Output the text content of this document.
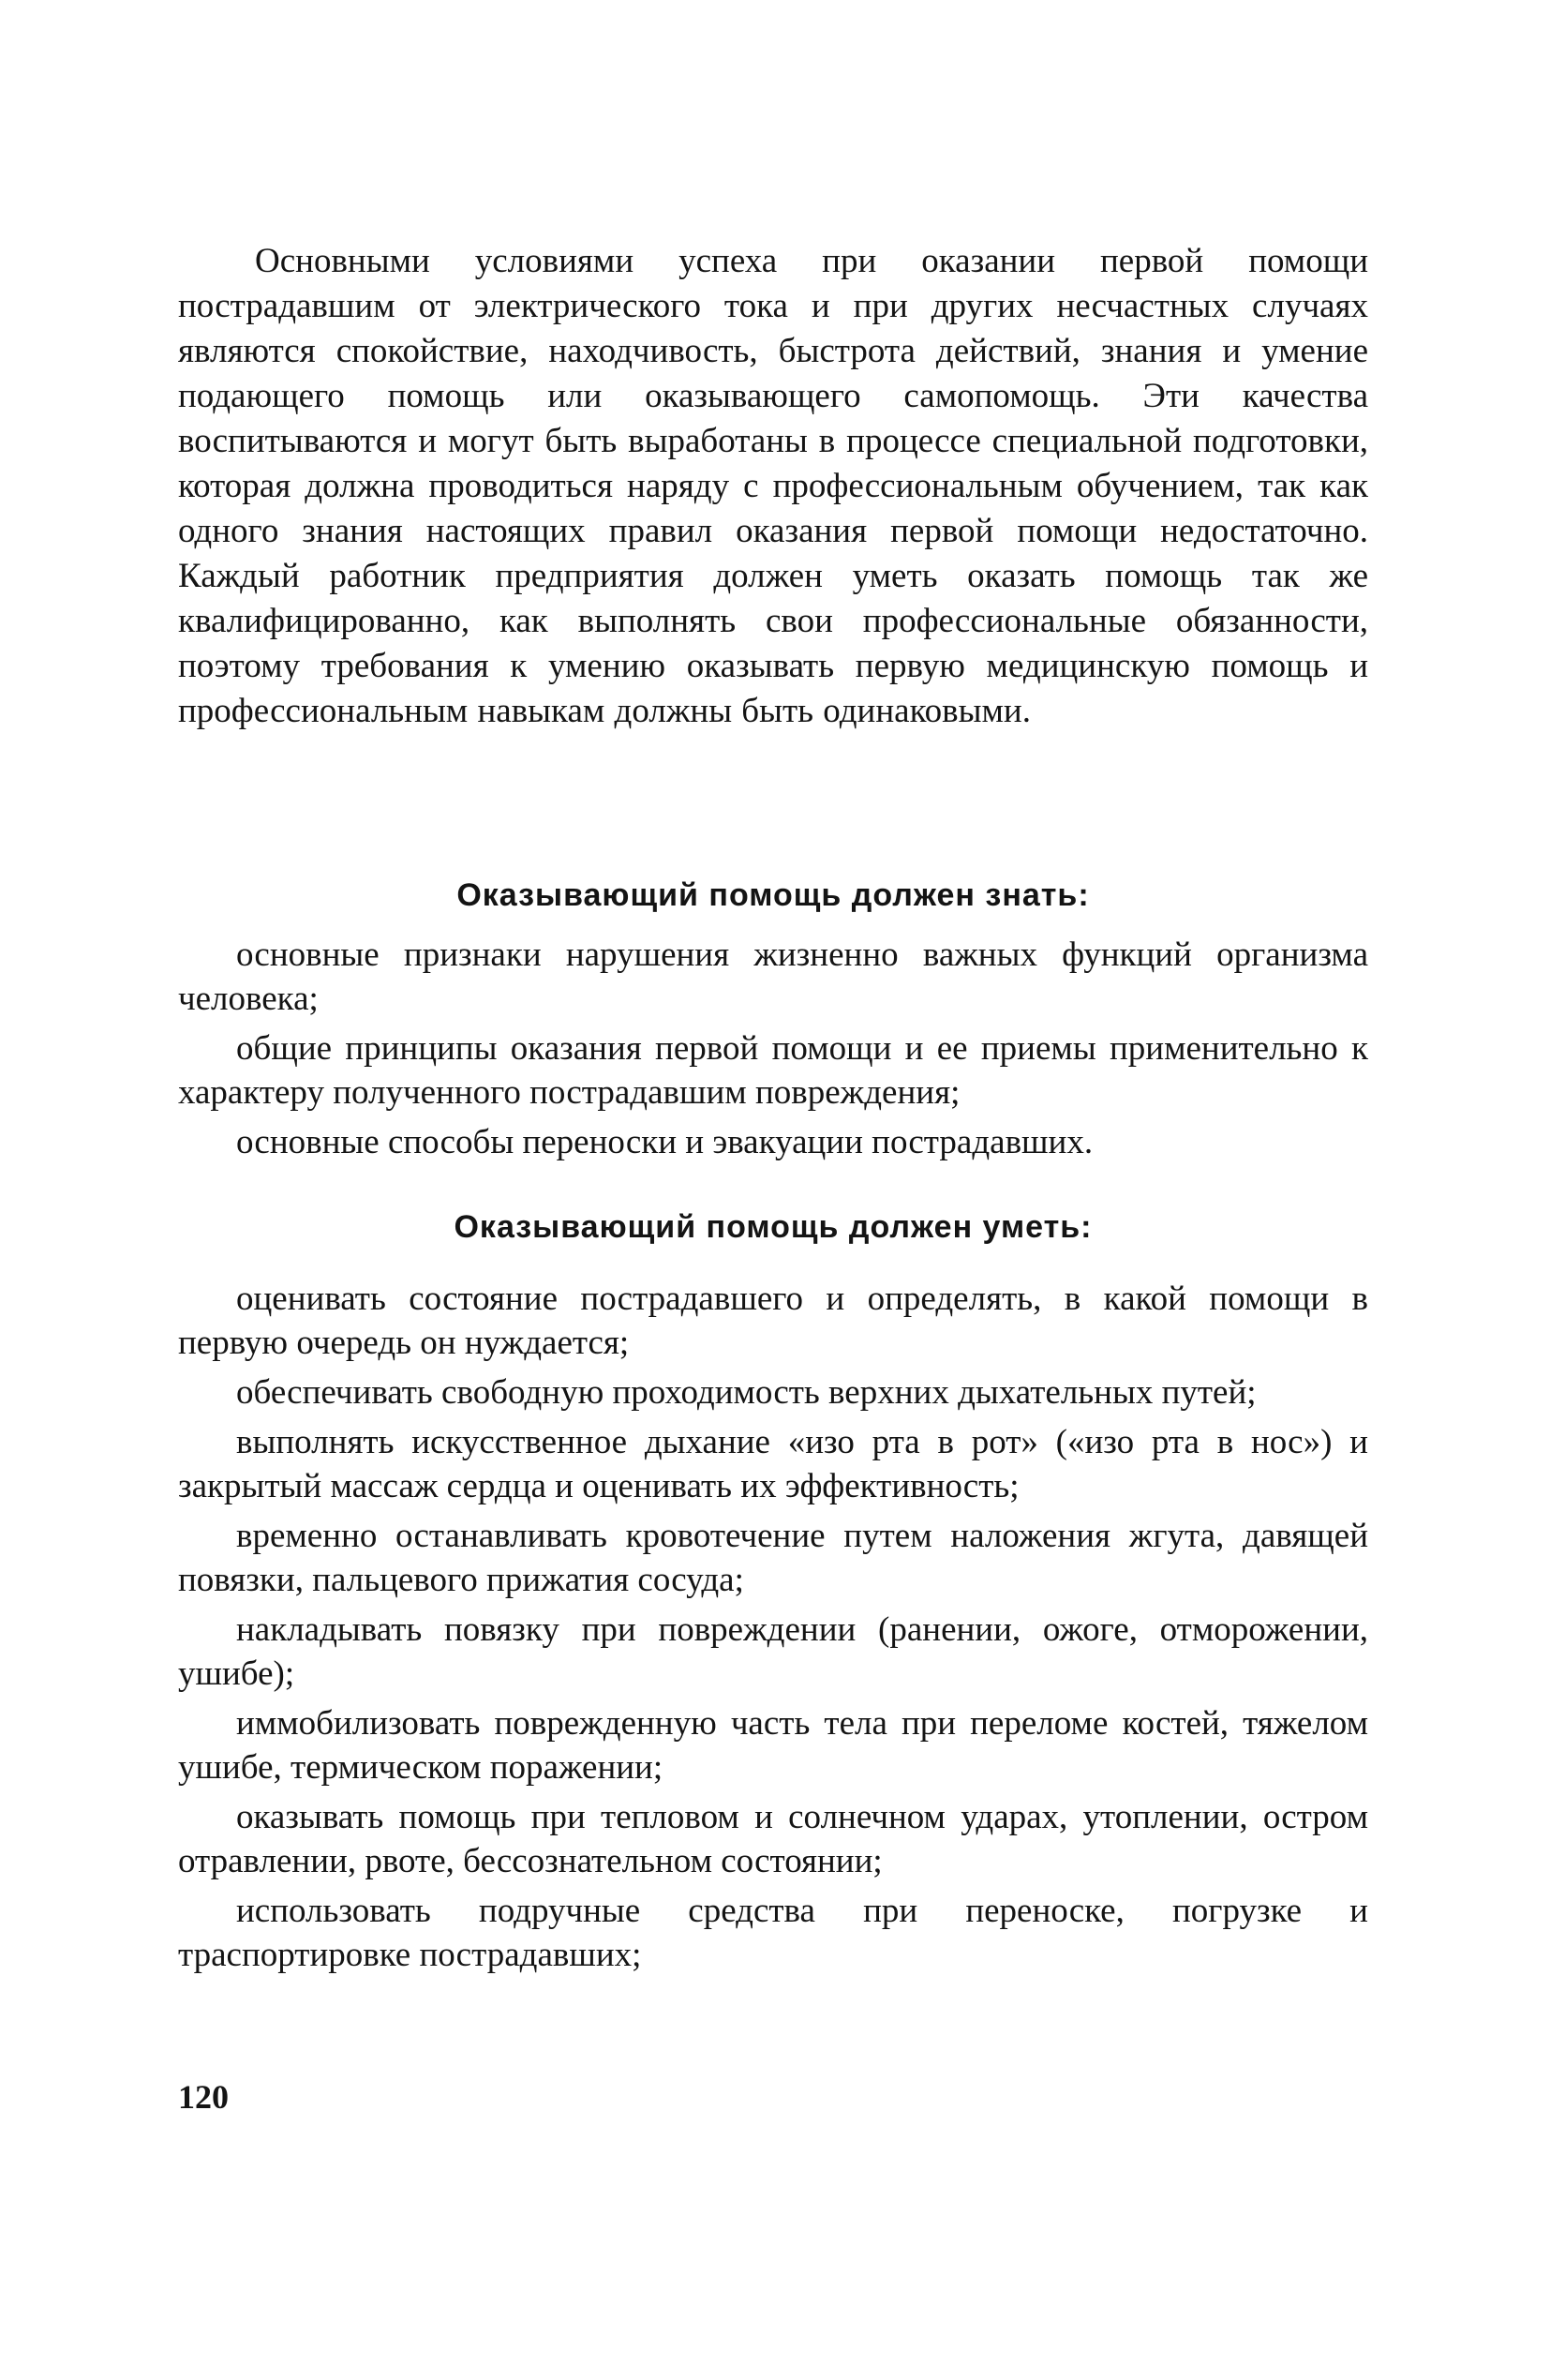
Основными условиями успеха при оказании первой помощи пострадавшим от электрического тока и при других несчастных случаях являются спокойствие, находчивость, быстрота действий, знания и умение подающего помощь или оказывающего самопомощь. Эти качества воспитываются и могут быть выработаны в процессе специальной подготовки, которая должна проводиться наряду с профессиональным обучением, так как одного знания настоящих правил оказания первой помощи недостаточно. Каждый работник предприятия должен уметь оказать помощь так же квалифицированно, как выполнять свои профессиональные обязанности, поэтому требования к умению оказывать первую медицинскую помощь и профессиональным навыкам должны быть одинаковыми.

Оказывающий помощь должен знать:
основные признаки нарушения жизненно важных функций организма человека;
общие принципы оказания первой помощи и ее приемы применительно к характеру полученного пострадавшим повреждения;
основные способы переноски и эвакуации пострадавших.
Оказывающий помощь должен уметь:
оценивать состояние пострадавшего и определять, в какой помощи в первую очередь он нуждается;
обеспечивать свободную проходимость верхних дыхательных путей;
выполнять искусственное дыхание «изо рта в рот» («изо рта в нос») и закрытый массаж сердца и оценивать их эффективность;
временно останавливать кровотечение путем наложения жгута, давящей повязки, пальцевого прижатия сосуда;
накладывать повязку при повреждении (ранении, ожоге, отморожении, ушибе);
иммобилизовать поврежденную часть тела при переломе костей, тяжелом ушибе, термическом поражении;
оказывать помощь при тепловом и солнечном ударах, утоплении, остром отравлении, рвоте, бессознательном состоянии;
использовать подручные средства при переноске, погрузке и траспортировке пострадавших;
120
